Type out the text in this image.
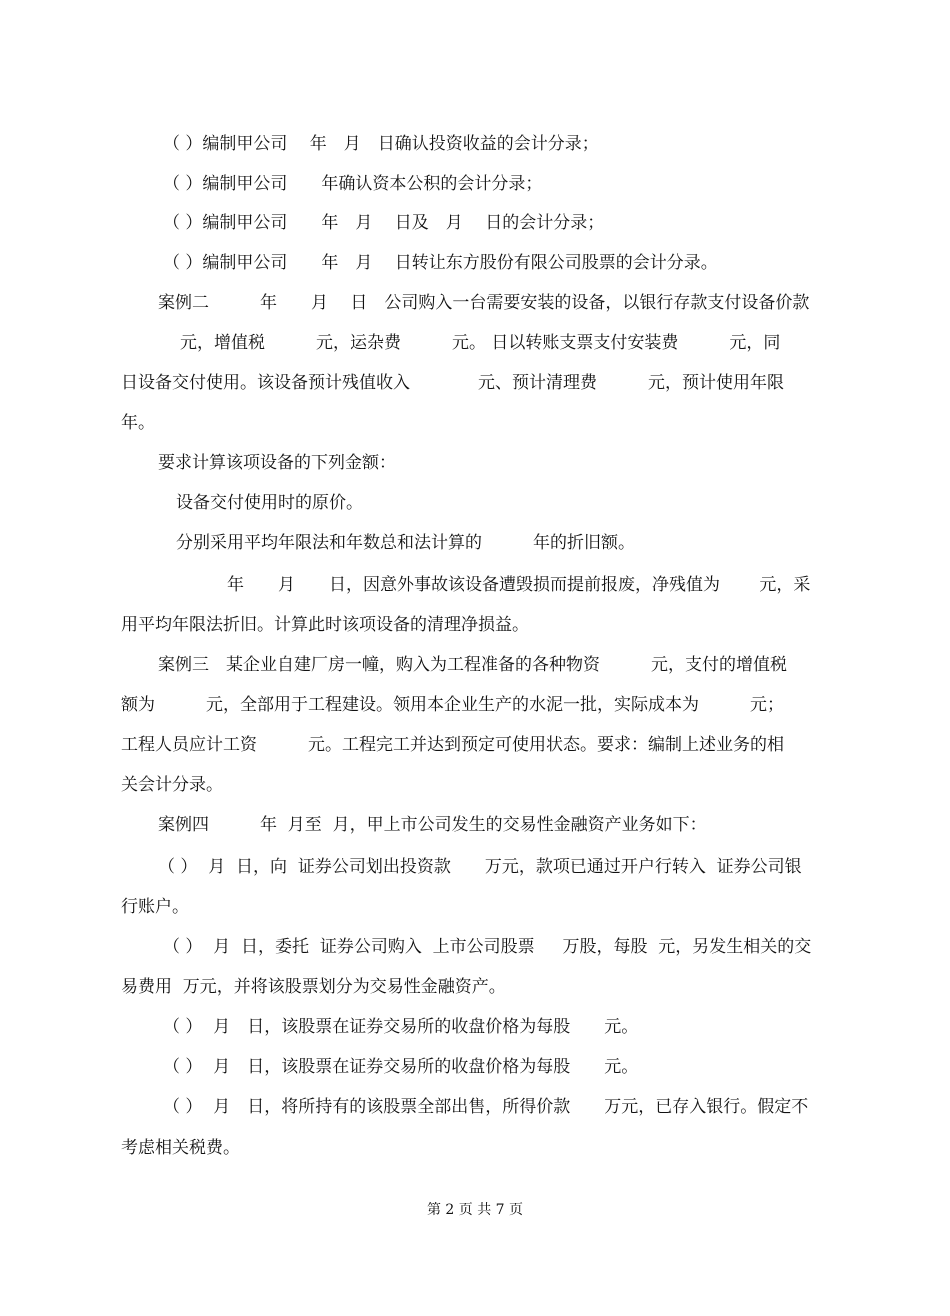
（ ）编制甲公司　 年　月　日确认投资收益的会计分录；
（ ）编制甲公司　　年确认资本公积的会计分录；
（ ）编制甲公司　　年　月　 日及　月　 日的会计分录；
（ ）编制甲公司　　年　月　 日转让东方股份有限公司股票的会计分录。
案例二　　　年　　月　 日　公司购入一台需要安装的设备，以银行存款支付设备价款
元，增值税　　　元，运杂费　　　元。 日以转账支票支付安装费　　　元，同
日设备交付使用。该设备预计残值收入　　　　元、预计清理费　　　元，预计使用年限
年。
要求计算该项设备的下列金额：
设备交付使用时的原价。
分别采用平均年限法和年数总和法计算的　　　年的折旧额。
年　　月　　日，因意外事故该设备遭毁损而提前报废，净残值为　　 元，采
用平均年限法折旧。计算此时该项设备的清理净损益。
案例三　某企业自建厂房一幢，购入为工程准备的各种物资　　　元，支付的增值税
额为　　　元，全部用于工程建设。领用本企业生产的水泥一批，实际成本为　　　元；
工程人员应计工资　　　元。工程完工并达到预定可使用状态。要求：编制上述业务的相
关会计分录。
案例四　　　年  月至  月，甲上市公司发生的交易性金融资产业务如下：
（ ）  月  日，向  证券公司划出投资款　　万元，款项已通过开户行转入  证券公司银
行账户。
（ ）  月  日，委托  证券公司购入  上市公司股票　  万股，每股  元，另发生相关的交
易费用  万元，并将该股票划分为交易性金融资产。
（ ）  月　日，该股票在证券交易所的收盘价格为每股　　元。
（ ）  月　日，该股票在证券交易所的收盘价格为每股　　元。
（ ）  月　日，将所持有的该股票全部出售，所得价款　　万元，已存入银行。假定不
考虑相关税费。
第 2 页 共 7 页
